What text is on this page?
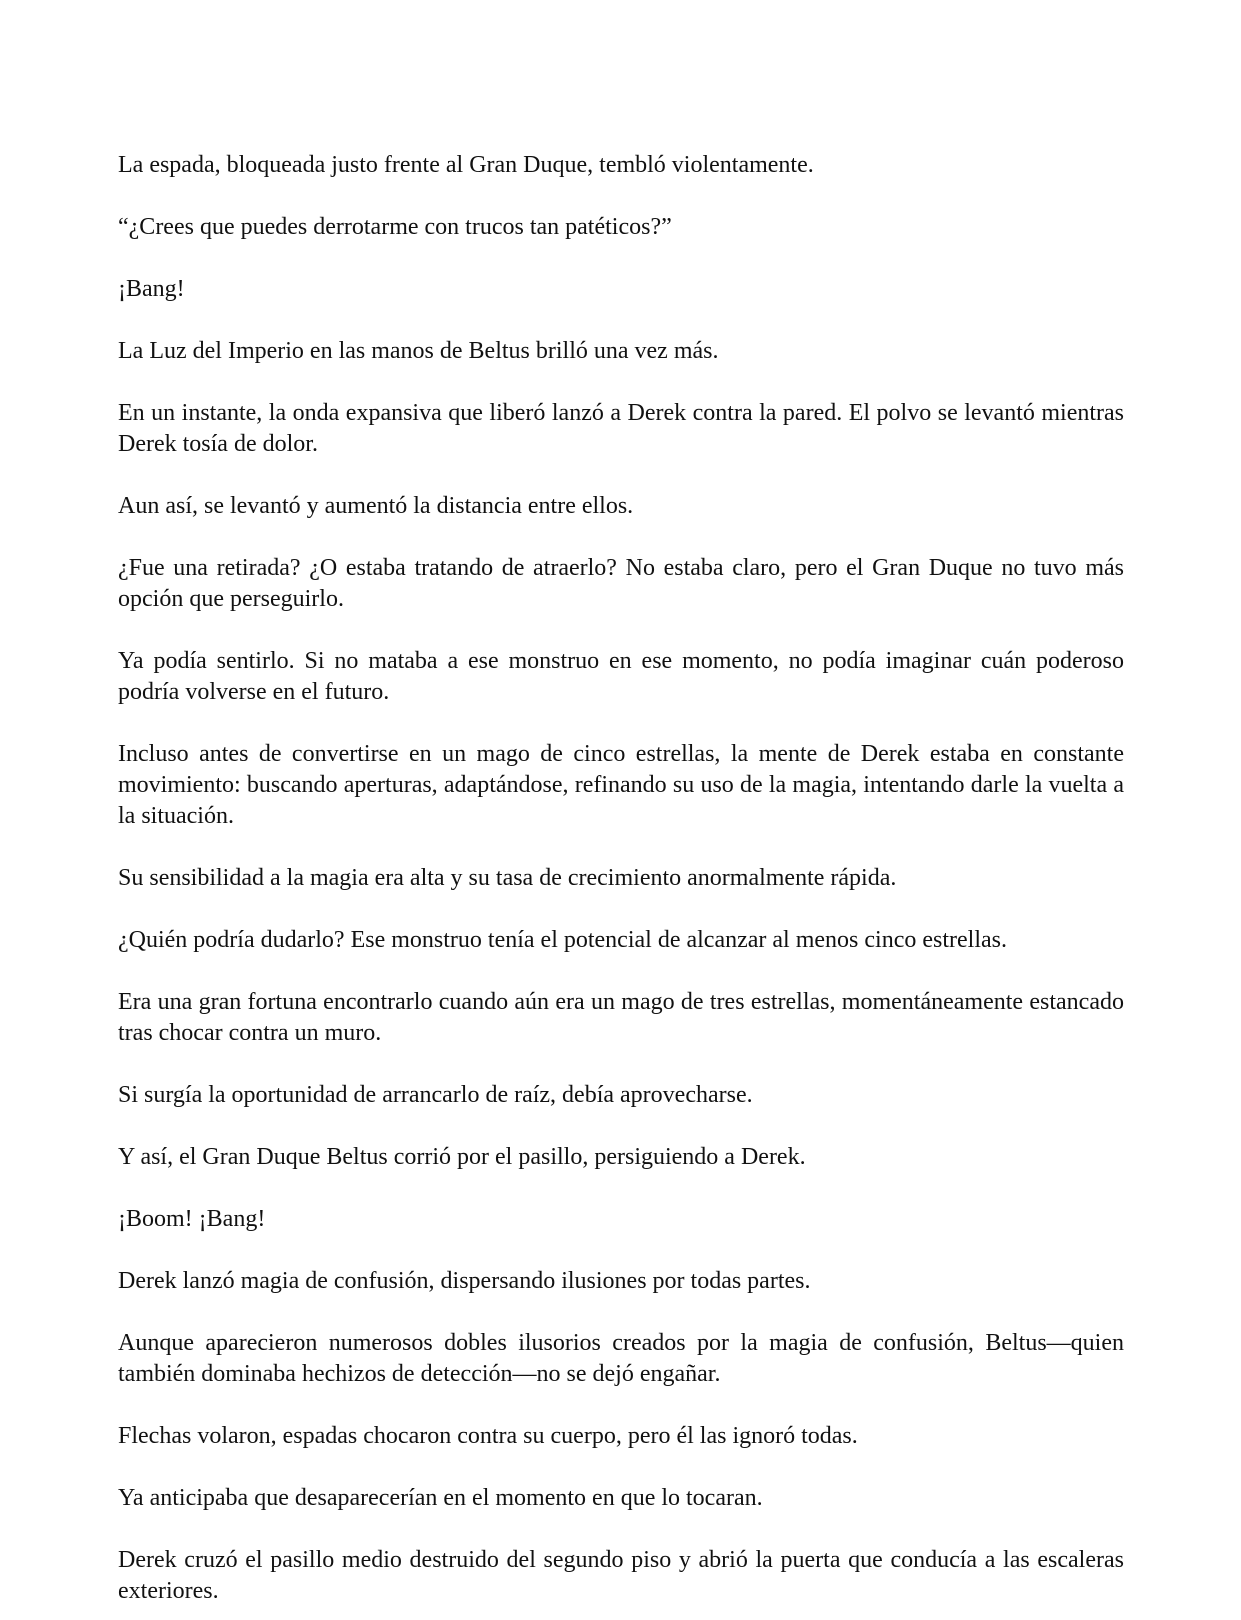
La espada, bloqueada justo frente al Gran Duque, tembló violentamente.

“¿Crees que puedes derrotarme con trucos tan patéticos?”

¡Bang!

La Luz del Imperio en las manos de Beltus brilló una vez más.

En un instante, la onda expansiva que liberó lanzó a Derek contra la pared. El polvo se levantó mientras Derek tosía de dolor.

Aun así, se levantó y aumentó la distancia entre ellos.

¿Fue una retirada? ¿O estaba tratando de atraerlo? No estaba claro, pero el Gran Duque no tuvo más opción que perseguirlo.

Ya podía sentirlo. Si no mataba a ese monstruo en ese momento, no podía imaginar cuán poderoso podría volverse en el futuro.

Incluso antes de convertirse en un mago de cinco estrellas, la mente de Derek estaba en constante movimiento: buscando aperturas, adaptándose, refinando su uso de la magia, intentando darle la vuelta a la situación.

Su sensibilidad a la magia era alta y su tasa de crecimiento anormalmente rápida.

¿Quién podría dudarlo? Ese monstruo tenía el potencial de alcanzar al menos cinco estrellas.

Era una gran fortuna encontrarlo cuando aún era un mago de tres estrellas, momentáneamente estancado tras chocar contra un muro.

Si surgía la oportunidad de arrancarlo de raíz, debía aprovecharse.

Y así, el Gran Duque Beltus corrió por el pasillo, persiguiendo a Derek.

¡Boom! ¡Bang!

Derek lanzó magia de confusión, dispersando ilusiones por todas partes.

Aunque aparecieron numerosos dobles ilusorios creados por la magia de confusión, Beltus—quien también dominaba hechizos de detección—no se dejó engañar.

Flechas volaron, espadas chocaron contra su cuerpo, pero él las ignoró todas.

Ya anticipaba que desaparecerían en el momento en que lo tocaran.

Derek cruzó el pasillo medio destruido del segundo piso y abrió la puerta que conducía a las escaleras exteriores.
